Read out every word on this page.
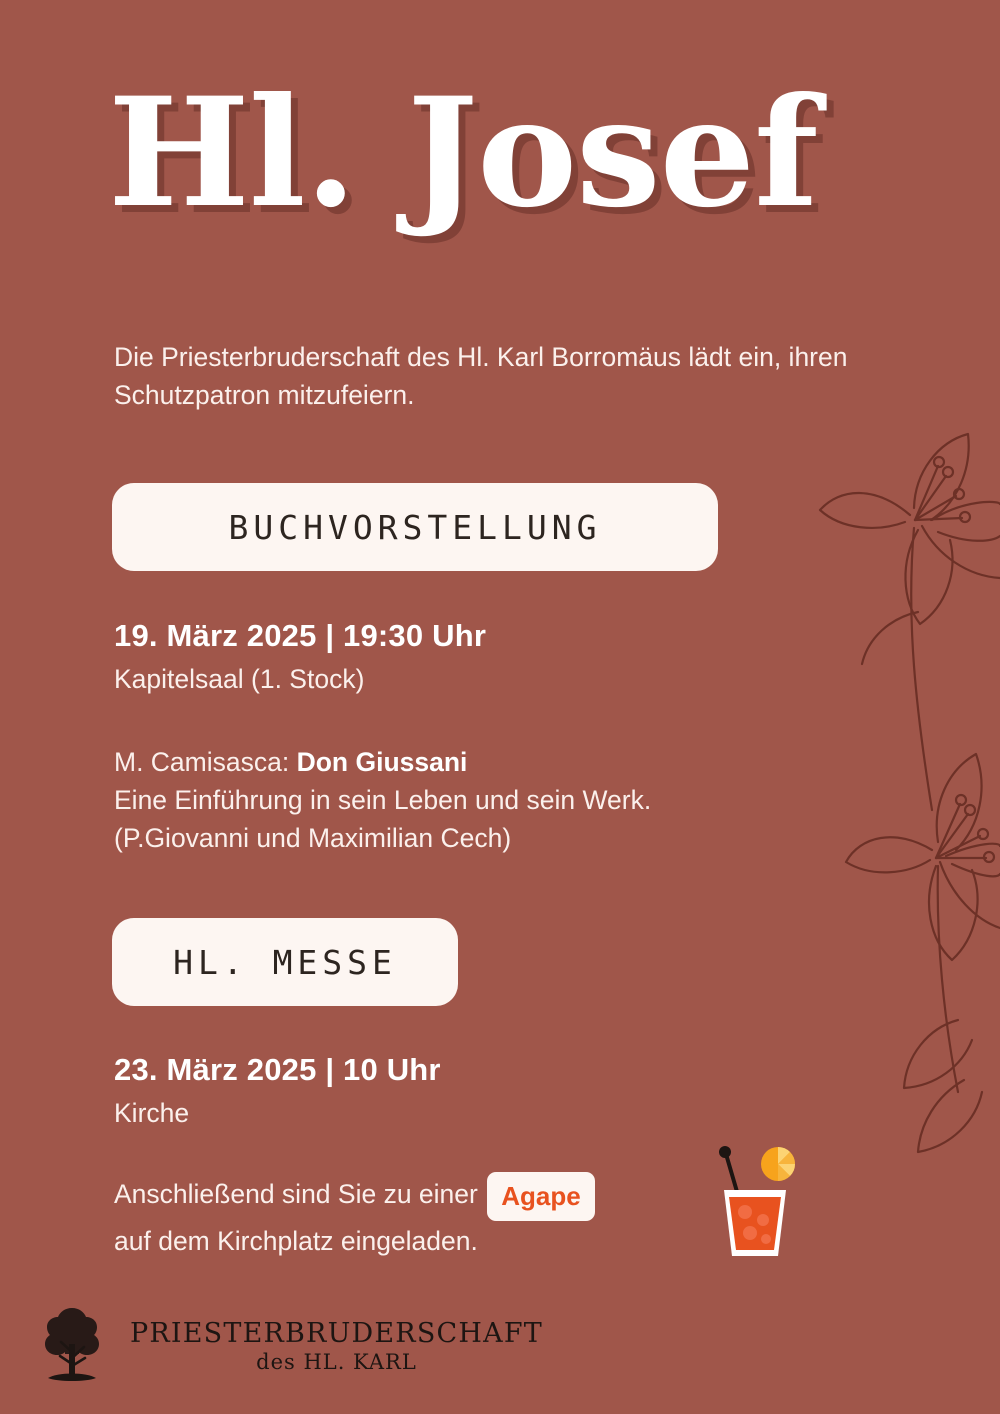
Hl. Josef
Die Priesterbruderschaft des Hl. Karl Borromäus lädt ein, ihren Schutzpatron mitzufeiern.
BUCHVORSTELLUNG
19. März 2025 | 19:30 Uhr
Kapitelsaal (1. Stock)
M. Camisasca: Don Giussani
Eine Einführung in sein Leben und sein Werk.
(P.Giovanni und Maximilian Cech)
HL. MESSE
23. März 2025 | 10 Uhr
Kirche
Anschließend sind Sie zu einer Agape
auf dem Kirchplatz eingeladen.
PRIESTERBRUDERSCHAFT
des HL. KARL
